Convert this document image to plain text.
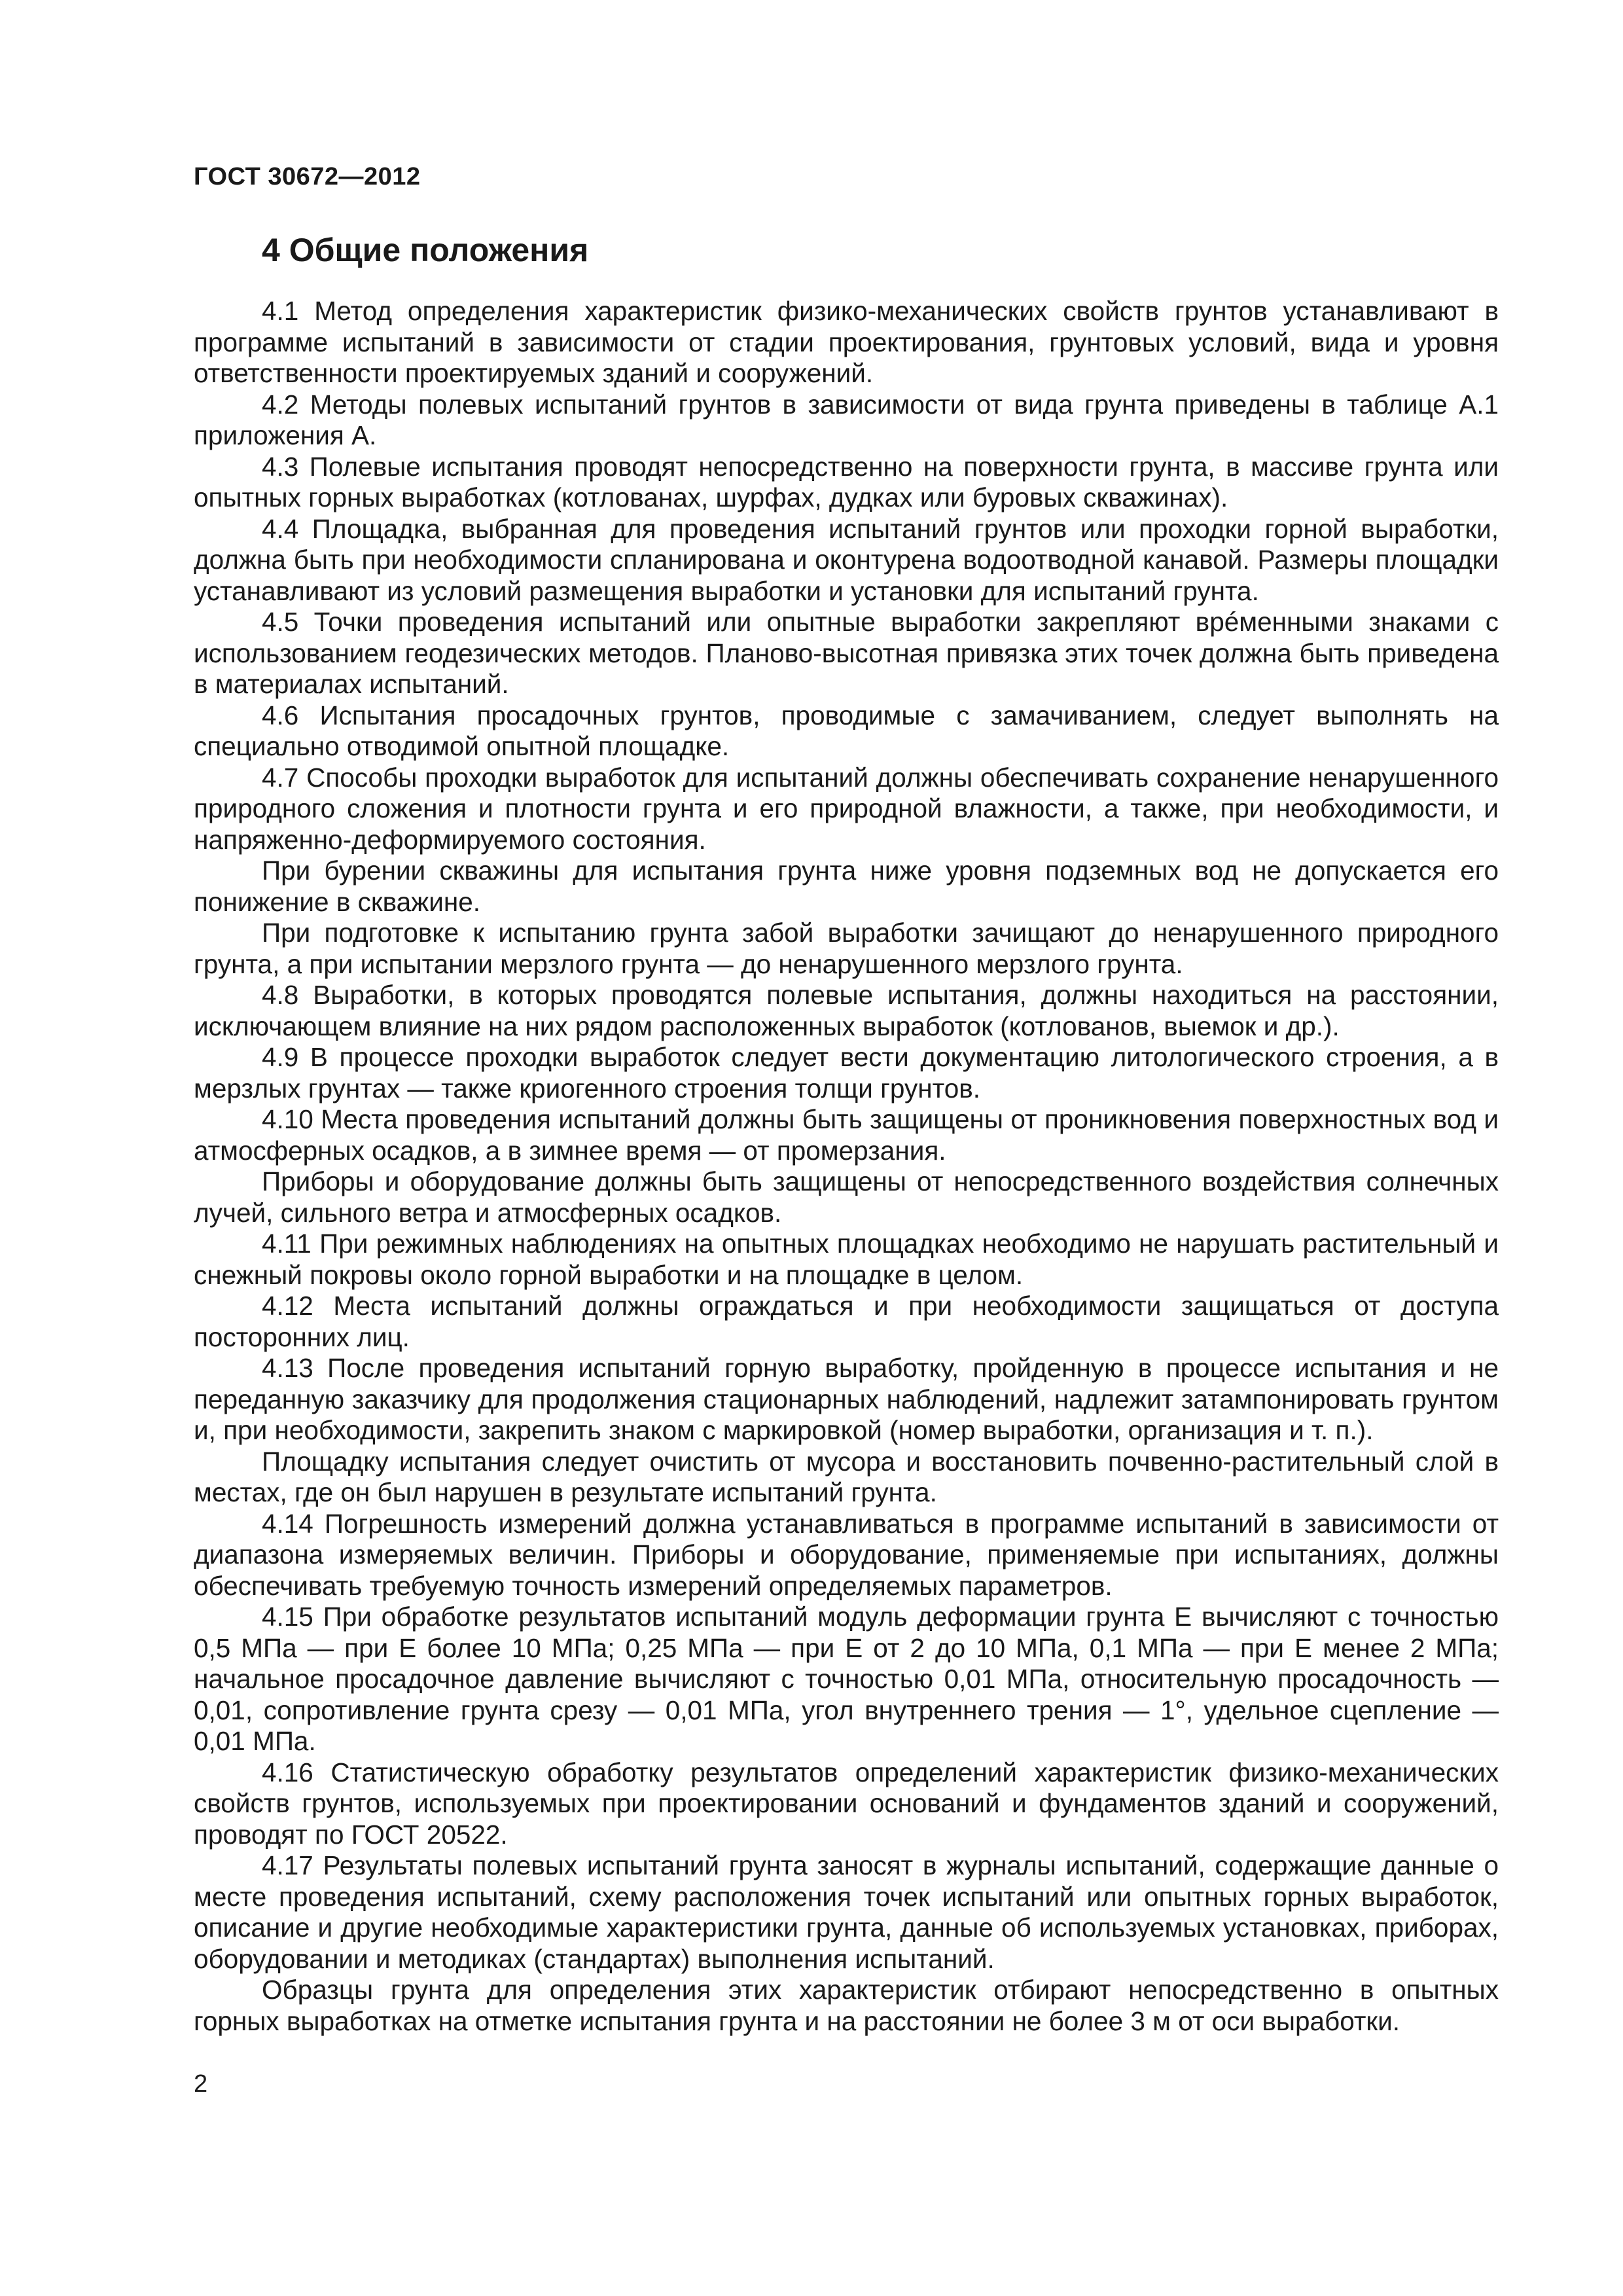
ГОСТ 30672—2012
4 Общие положения

4.1 Метод определения характеристик физико-механических свойств грунтов устанавливают в программе испытаний в зависимости от стадии проектирования, грунтовых условий, вида и уровня ответственности проектируемых зданий и сооружений.

4.2 Методы полевых испытаний грунтов в зависимости от вида грунта приведены в таблице А.1 приложения А.

4.3 Полевые испытания проводят непосредственно на поверхности грунта, в массиве грунта или опытных горных выработках (котлованах, шурфах, дудках или буровых скважинах).

4.4 Площадка, выбранная для проведения испытаний грунтов или проходки горной выработки, должна быть при необходимости спланирована и оконтурена водоотводной канавой. Размеры площадки устанавливают из условий размещения выработки и установки для испытаний грунта.

4.5 Точки проведения испытаний или опытные выработки закрепляют врéменными знаками с использованием геодезических методов. Планово-высотная привязка этих точек должна быть приведена в материалах испытаний.

4.6 Испытания просадочных грунтов, проводимые с замачиванием, следует выполнять на специально отводимой опытной площадке.

4.7 Способы проходки выработок для испытаний должны обеспечивать сохранение ненарушенного природного сложения и плотности грунта и его природной влажности, а также, при необходимости, и напряженно-деформируемого состояния.

При бурении скважины для испытания грунта ниже уровня подземных вод не допускается его понижение в скважине.

При подготовке к испытанию грунта забой выработки зачищают до ненарушенного природного грунта, а при испытании мерзлого грунта — до ненарушенного мерзлого грунта.

4.8 Выработки, в которых проводятся полевые испытания, должны находиться на расстоянии, исключающем влияние на них рядом расположенных выработок (котлованов, выемок и др.).

4.9 В процессе проходки выработок следует вести документацию литологического строения, а в мерзлых грунтах — также криогенного строения толщи грунтов.

4.10 Места проведения испытаний должны быть защищены от проникновения поверхностных вод и атмосферных осадков, а в зимнее время — от промерзания.

Приборы и оборудование должны быть защищены от непосредственного воздействия солнечных лучей, сильного ветра и атмосферных осадков.

4.11 При режимных наблюдениях на опытных площадках необходимо не нарушать растительный и снежный покровы около горной выработки и на площадке в целом.

4.12 Места испытаний должны ограждаться и при необходимости защищаться от доступа посторонних лиц.

4.13 После проведения испытаний горную выработку, пройденную в процессе испытания и не переданную заказчику для продолжения стационарных наблюдений, надлежит затампонировать грунтом и, при необходимости, закрепить знаком с маркировкой (номер выработки, организация и т. п.).

Площадку испытания следует очистить от мусора и восстановить почвенно-растительный слой в местах, где он был нарушен в результате испытаний грунта.

4.14 Погрешность измерений должна устанавливаться в программе испытаний в зависимости от диапазона измеряемых величин. Приборы и оборудование, применяемые при испытаниях, должны обеспечивать требуемую точность измерений определяемых параметров.

4.15 При обработке результатов испытаний модуль деформации грунта E вычисляют с точностью 0,5 МПа — при E более 10 МПа; 0,25 МПа — при E от 2 до 10 МПа, 0,1 МПа — при E менее 2 МПа; начальное просадочное давление вычисляют с точностью 0,01 МПа, относительную просадочность — 0,01, сопротивление грунта срезу — 0,01 МПа, угол внутреннего трения — 1°, удельное сцепление — 0,01 МПа.

4.16 Статистическую обработку результатов определений характеристик физико-механических свойств грунтов, используемых при проектировании оснований и фундаментов зданий и сооружений, проводят по ГОСТ 20522.

4.17 Результаты полевых испытаний грунта заносят в журналы испытаний, содержащие данные о месте проведения испытаний, схему расположения точек испытаний или опытных горных выработок, описание и другие необходимые характеристики грунта, данные об используемых установках, приборах, оборудовании и методиках (стандартах) выполнения испытаний.

Образцы грунта для определения этих характеристик отбирают непосредственно в опытных горных выработках на отметке испытания грунта и на расстоянии не более 3 м от оси выработки.

2
